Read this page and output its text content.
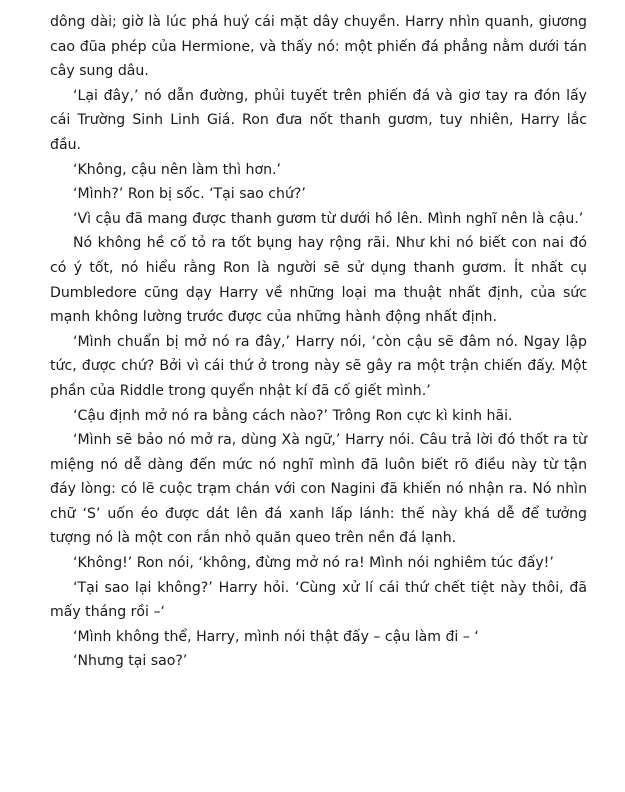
dông dài; giờ là lúc phá huỷ cái mặt dây chuyền. Harry nhìn quanh, giương cao đũa phép của Hermione, và thấy nó: một phiến đá phẳng nằm dưới tán cây sung dâu.

‘Lại đây,’ nó dẫn đường, phủi tuyết trên phiến đá và giơ tay ra đón lấy cái Trường Sinh Linh Giá. Ron đưa nốt thanh gươm, tuy nhiên, Harry lắc đầu.

‘Không, cậu nên làm thì hơn.’

‘Mình?’ Ron bị sốc. ‘Tại sao chứ?’

‘Vì cậu đã mang được thanh gươm từ dưới hồ lên. Mình nghĩ nên là cậu.’

Nó không hề cố tỏ ra tốt bụng hay rộng rãi. Như khi nó biết con nai đó có ý tốt, nó hiểu rằng Ron là người sẽ sử dụng thanh gươm. Ít nhất cụ Dumbledore cũng dạy Harry về những loại ma thuật nhất định, của sức mạnh không lường trước được của những hành động nhất định.

‘Mình chuẩn bị mở nó ra đây,’ Harry nói, ‘còn cậu sẽ đâm nó. Ngay lập tức, được chứ? Bởi vì cái thứ ở trong này sẽ gây ra một trận chiến đấy. Một phần của Riddle trong quyển nhật kí đã cố giết mình.’

‘Cậu định mở nó ra bằng cách nào?’ Trông Ron cực kì kinh hãi.

‘Mình sẽ bảo nó mở ra, dùng Xà ngữ,’ Harry nói. Câu trả lời đó thốt ra từ miệng nó dễ dàng đến mức nó nghĩ mình đã luôn biết rõ điều này từ tận đáy lòng: có lẽ cuộc trạm chán với con Nagini đã khiến nó nhận ra. Nó nhìn chữ ‘S’ uốn éo được dát lên đá xanh lấp lánh: thế này khá dễ để tưởng tượng nó là một con rắn nhỏ quăn queo trên nền đá lạnh.

‘Không!’ Ron nói, ‘không, đừng mở nó ra! Mình nói nghiêm túc đấy!’

‘Tại sao lại không?’ Harry hỏi. ‘Cùng xử lí cái thứ chết tiệt này thôi, đã mấy tháng rồi –‘

‘Mình không thể, Harry, mình nói thật đấy – cậu làm đi – ‘

‘Nhưng tại sao?’
